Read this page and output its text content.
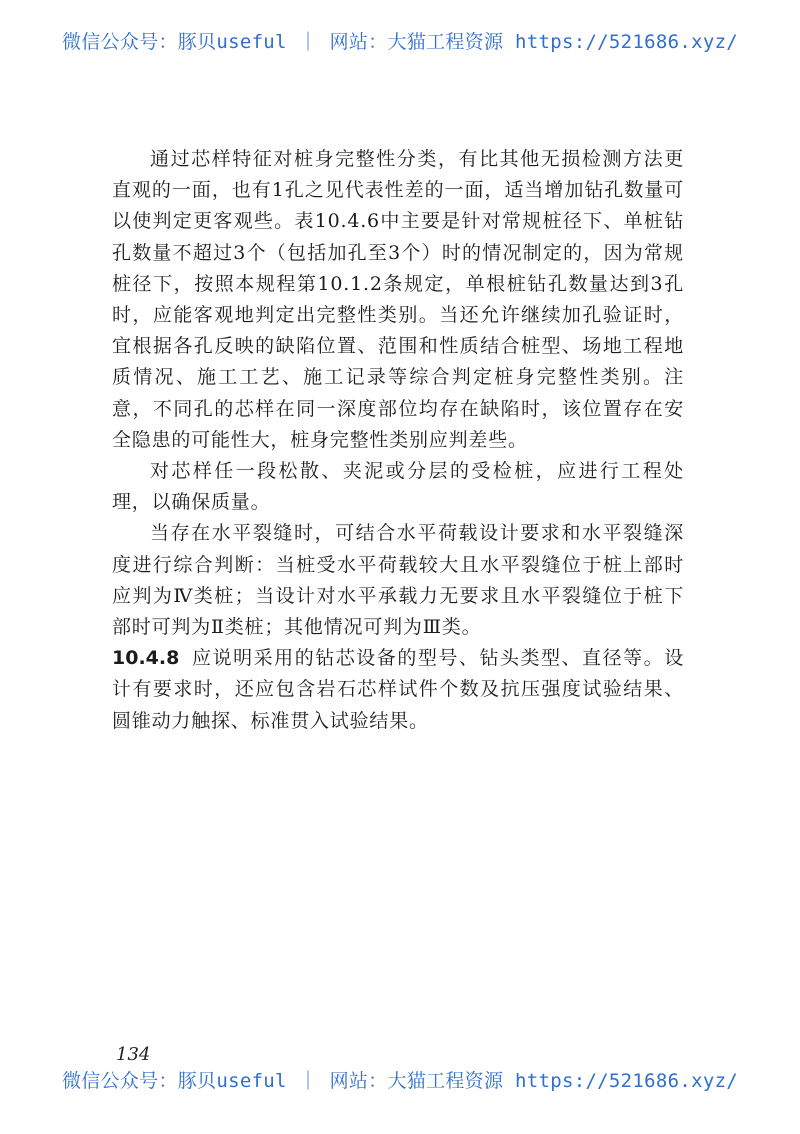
微信公众号：豚贝useful ｜ 网站：大猫工程资源 https://521686.xyz/

通过芯样特征对桩身完整性分类，有比其他无损检测方法更直观的一面，也有1孔之见代表性差的一面，适当增加钻孔数量可以使判定更客观些。表10.4.6中主要是针对常规桩径下、单桩钻孔数量不超过3个（包括加孔至3个）时的情况制定的，因为常规桩径下，按照本规程第10.1.2条规定，单根桩钻孔数量达到3孔时，应能客观地判定出完整性类别。当还允许继续加孔验证时，宜根据各孔反映的缺陷位置、范围和性质结合桩型、场地工程地质情况、施工工艺、施工记录等综合判定桩身完整性类别。注意，不同孔的芯样在同一深度部位均存在缺陷时，该位置存在安全隐患的可能性大，桩身完整性类别应判差些。

对芯样任一段松散、夹泥或分层的受检桩，应进行工程处理，以确保质量。

当存在水平裂缝时，可结合水平荷载设计要求和水平裂缝深度进行综合判断：当桩受水平荷载较大且水平裂缝位于桩上部时应判为Ⅳ类桩；当设计对水平承载力无要求且水平裂缝位于桩下部时可判为Ⅱ类桩；其他情况可判为Ⅲ类。

10.4.8 应说明采用的钻芯设备的型号、钻头类型、直径等。设计有要求时，还应包含岩石芯样试件个数及抗压强度试验结果、圆锥动力触探、标准贯入试验结果。

134
微信公众号：豚贝useful ｜ 网站：大猫工程资源 https://521686.xyz/
